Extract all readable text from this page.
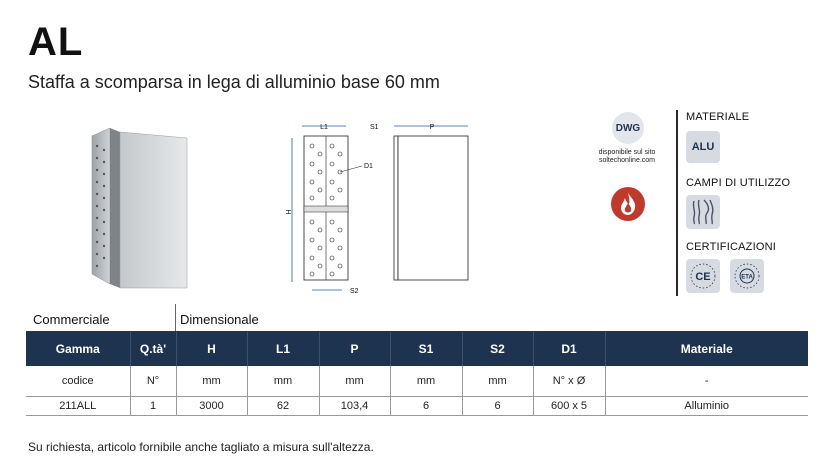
AL
Staffa a scomparsa in lega di alluminio base 60 mm
L1
H
D1
S2
S1	P	DWG
disponibile sul sito
soltechonline.com
MATERIALE
ALU
CAMPI DI UTILIZZO
CERTIFICAZIONI
CE	ETA
Commerciale	Dimensionale
Gamma	Q.tà'	H	L1	P	S1	S2	D1	Materiale
codice	N°	mm	mm	mm	mm	mm	N° x Ø	-
211ALL	1	3000	62	103,4	6	6	600 x 5	Alluminio
Su richiesta, articolo fornibile anche tagliato a misura sull'altezza.
